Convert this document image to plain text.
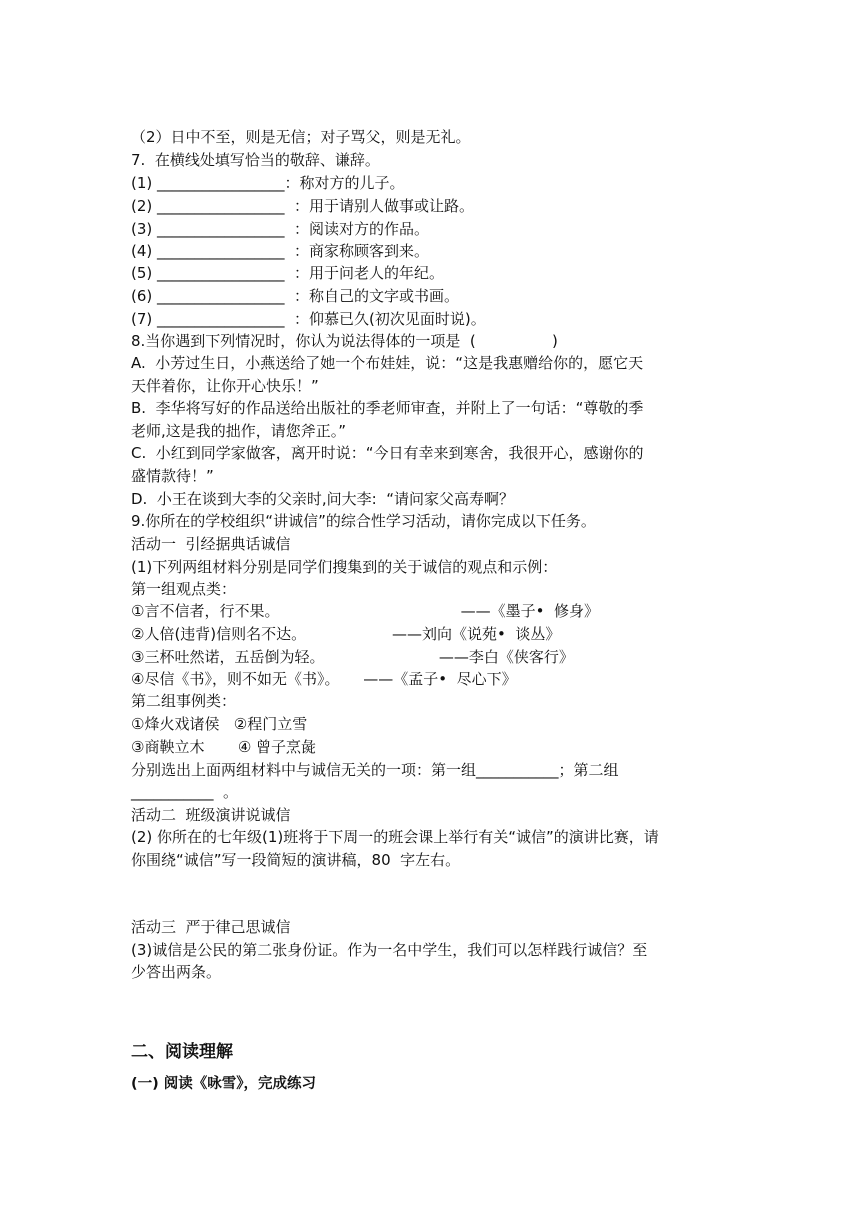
（2）日中不至，则是无信；对子骂父，则是无礼。
7.  在横线处填写恰当的敬辞、谦辞。
(1) _________________：称对方的儿子。
(2) _________________  ：用于请别人做事或让路。
(3) _________________  ：阅读对方的作品。
(4) _________________  ：商家称顾客到来。
(5) _________________  ：用于问老人的年纪。
(6) _________________  ：称自己的文字或书画。
(7) _________________  ：仰慕已久(初次见面时说)。
8.当你遇到下列情况时，你认为说法得体的一项是  (                )
A.  小芳过生日，小燕送给了她一个布娃娃，说：“这是我惠赠给你的，愿它天
天伴着你，让你开心快乐！”
B.  李华将写好的作品送给出版社的季老师审查，并附上了一句话：“尊敬的季
老师,这是我的拙作，请您斧正。”
C.  小红到同学家做客，离开时说：“今日有幸来到寒舍，我很开心，感谢你的
盛情款待！”
D.  小王在谈到大李的父亲时,问大李:  “请问家父高寿啊？
9.你所在的学校组织“讲诚信”的综合性学习活动，请你完成以下任务。
活动一  引经据典话诚信
(1)下列两组材料分别是同学们搜集到的关于诚信的观点和示例：
第一组观点类：
①言不信者，行不果。                                      ——《墨子•  修身》
②人倍(违背)信则名不达。                  ——刘向《说苑•  谈丛》
③三杯吐然诺，五岳倒为轻。                        ——李白《侠客行》
④尽信《书》，则不如无《书》。     ——《孟子•  尽心下》
第二组事例类：
①烽火戏诸侯   ②程门立雪
③商鞅立木       ④ 曾子烹彘
分别选出上面两组材料中与诚信无关的一项：第一组___________；第二组
___________  。
活动二  班级演讲说诚信
(2) 你所在的七年级(1)班将于下周一的班会课上举行有关“诚信”的演讲比赛，请
你围绕“诚信”写一段简短的演讲稿，80  字左右。
活动三  严于律己思诚信
(3)诚信是公民的第二张身份证。作为一名中学生，我们可以怎样践行诚信？至
少答出两条。
二、阅读理解
(一) 阅读《咏雪》，完成练习
